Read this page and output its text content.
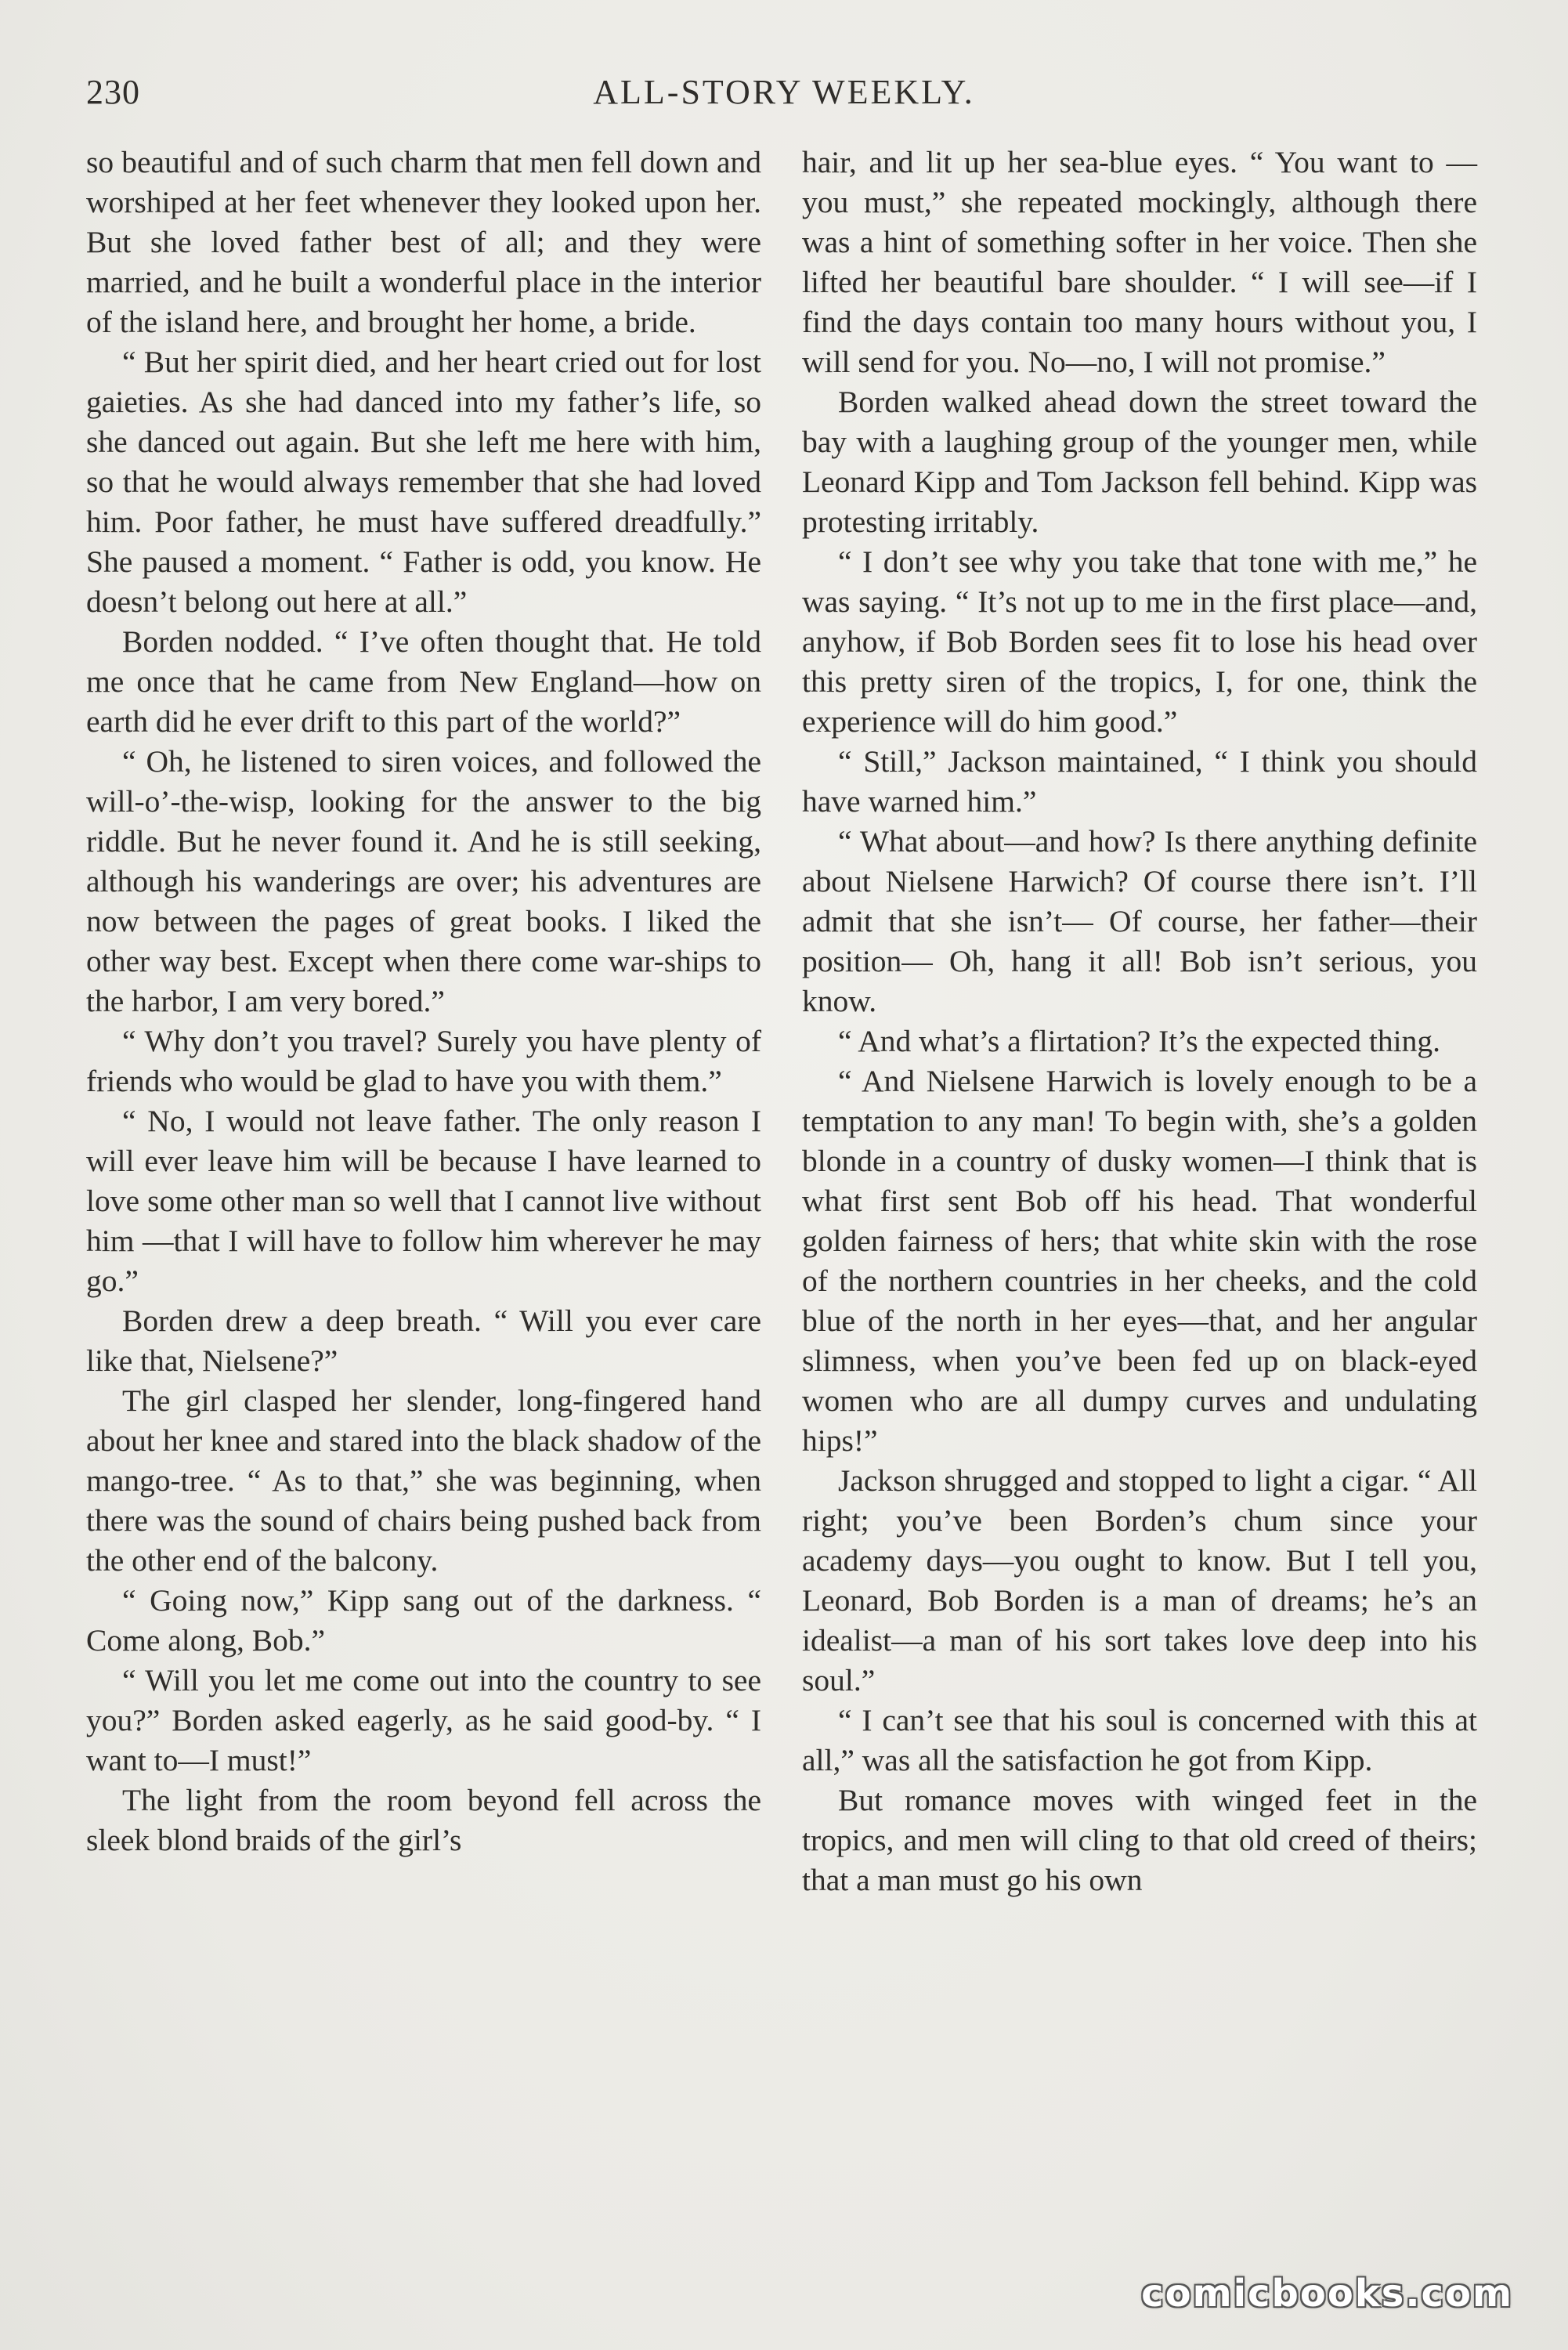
230	ALL-STORY WEEKLY.

so beautiful and of such charm that men fell down and worshiped at her feet whenever they looked upon her. But she loved father best of all; and they were married, and he built a wonderful place in the interior of the island here, and brought her home, a bride.

“ But her spirit died, and her heart cried out for lost gaieties. As she had danced into my father’s life, so she danced out again. But she left me here with him, so that he would always remember that she had loved him. Poor father, he must have suffered dreadfully.” She paused a moment. “ Father is odd, you know. He doesn’t belong out here at all.”

Borden nodded. “ I’ve often thought that. He told me once that he came from New England—how on earth did he ever drift to this part of the world?”

“ Oh, he listened to siren voices, and followed the will-o’-the-wisp, looking for the answer to the big riddle. But he never found it. And he is still seeking, although his wanderings are over; his adventures are now between the pages of great books. I liked the other way best. Except when there come war-ships to the harbor, I am very bored.”

“ Why don’t you travel? Surely you have plenty of friends who would be glad to have you with them.”

“ No, I would not leave father. The only reason I will ever leave him will be because I have learned to love some other man so well that I cannot live without him —that I will have to follow him wherever he may go.”

Borden drew a deep breath. “ Will you ever care like that, Nielsene?”

The girl clasped her slender, long-fingered hand about her knee and stared into the black shadow of the mango-tree. “ As to that,” she was beginning, when there was the sound of chairs being pushed back from the other end of the balcony.

“ Going now,” Kipp sang out of the darkness. “ Come along, Bob.”

“ Will you let me come out into the country to see you?” Borden asked eagerly, as he said good-by. “ I want to—I must!”

The light from the room beyond fell across the sleek blond braids of the girl’s

hair, and lit up her sea-blue eyes. “ You want to — you must,” she repeated mockingly, although there was a hint of something softer in her voice. Then she lifted her beautiful bare shoulder. “ I will see—if I find the days contain too many hours without you, I will send for you. No—no, I will not promise.”

Borden walked ahead down the street toward the bay with a laughing group of the younger men, while Leonard Kipp and Tom Jackson fell behind. Kipp was protesting irritably.

“ I don’t see why you take that tone with me,” he was saying. “ It’s not up to me in the first place—and, anyhow, if Bob Borden sees fit to lose his head over this pretty siren of the tropics, I, for one, think the experience will do him good.”

“ Still,” Jackson maintained, “ I think you should have warned him.”

“ What about—and how? Is there anything definite about Nielsene Harwich? Of course there isn’t. I’ll admit that she isn’t— Of course, her father—their position— Oh, hang it all! Bob isn’t serious, you know.

“ And what’s a flirtation? It’s the expected thing.

“ And Nielsene Harwich is lovely enough to be a temptation to any man! To begin with, she’s a golden blonde in a country of dusky women—I think that is what first sent Bob off his head. That wonderful golden fairness of hers; that white skin with the rose of the northern countries in her cheeks, and the cold blue of the north in her eyes—that, and her angular slimness, when you’ve been fed up on black-eyed women who are all dumpy curves and undulating hips!”

Jackson shrugged and stopped to light a cigar. “ All right; you’ve been Borden’s chum since your academy days—you ought to know. But I tell you, Leonard, Bob Borden is a man of dreams; he’s an idealist—a man of his sort takes love deep into his soul.”

“ I can’t see that his soul is concerned with this at all,” was all the satisfaction he got from Kipp.

But romance moves with winged feet in the tropics, and men will cling to that old creed of theirs; that a man must go his own

comicbooks.com
